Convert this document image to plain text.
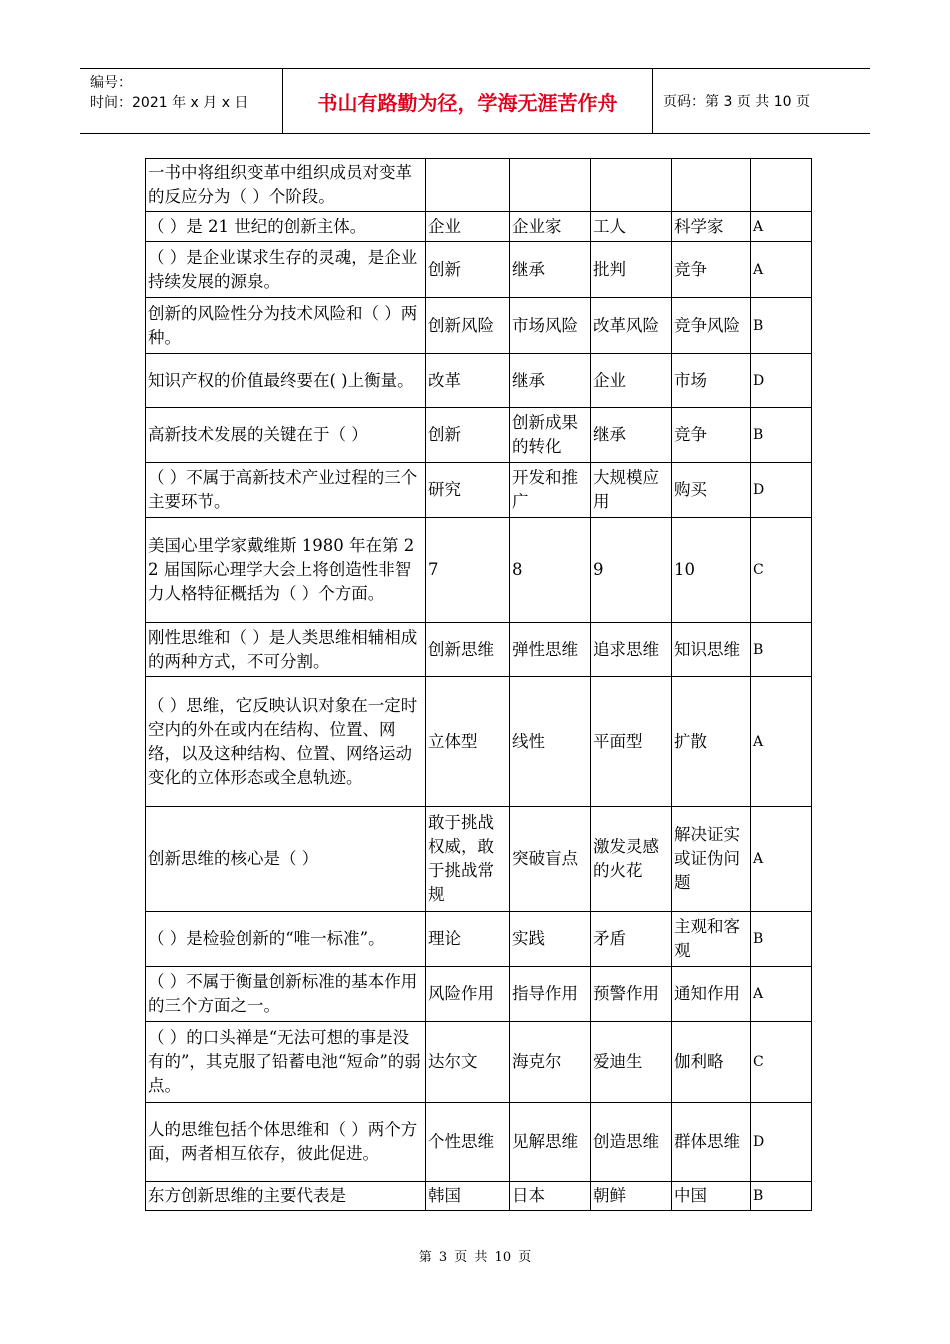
编号：
时间：2021 年 x 月 x 日	书山有路勤为径，学海无涯苦作舟	页码：第 3 页 共 10 页
一书中将组织变革中组织成员对变革的反应分为（ ）个阶段。					
（ ）是 21 世纪的创新主体。	企业	企业家	工人	科学家	A
（ ）是企业谋求生存的灵魂，是企业持续发展的源泉。	创新	继承	批判	竞争	A
创新的风险性分为技术风险和（ ）两种。	创新风险	市场风险	改革风险	竞争风险	B
知识产权的价值最终要在( )上衡量。	改革	继承	企业	市场	D
高新技术发展的关键在于（ ）	创新	创新成果的转化	继承	竞争	B
（ ）不属于高新技术产业过程的三个主要环节。	研究	开发和推广	大规模应用	购买	D
美国心里学家戴维斯 1980 年在第 22 届国际心理学大会上将创造性非智力人格特征概括为（ ）个方面。	7	8	9	10	C
刚性思维和（ ）是人类思维相辅相成的两种方式，不可分割。	创新思维	弹性思维	追求思维	知识思维	B
（ ）思维，它反映认识对象在一定时空内的外在或内在结构、位置、网络，以及这种结构、位置、网络运动变化的立体形态或全息轨迹。	立体型	线性	平面型	扩散	A
创新思维的核心是（ ）	敢于挑战权威，敢于挑战常规	突破盲点	激发灵感的火花	解决证实或证伪问题	A
（ ）是检验创新的“唯一标准”。	理论	实践	矛盾	主观和客观	B
（ ）不属于衡量创新标准的基本作用的三个方面之一。	风险作用	指导作用	预警作用	通知作用	A
（ ）的口头禅是“无法可想的事是没有的”，其克服了铅蓄电池“短命”的弱点。	达尔文	海克尔	爱迪生	伽利略	C
人的思维包括个体思维和（ ）两个方面，两者相互依存，彼此促进。	个性思维	见解思维	创造思维	群体思维	D
东方创新思维的主要代表是	韩国	日本	朝鲜	中国	B
第 3 页 共 10 页
